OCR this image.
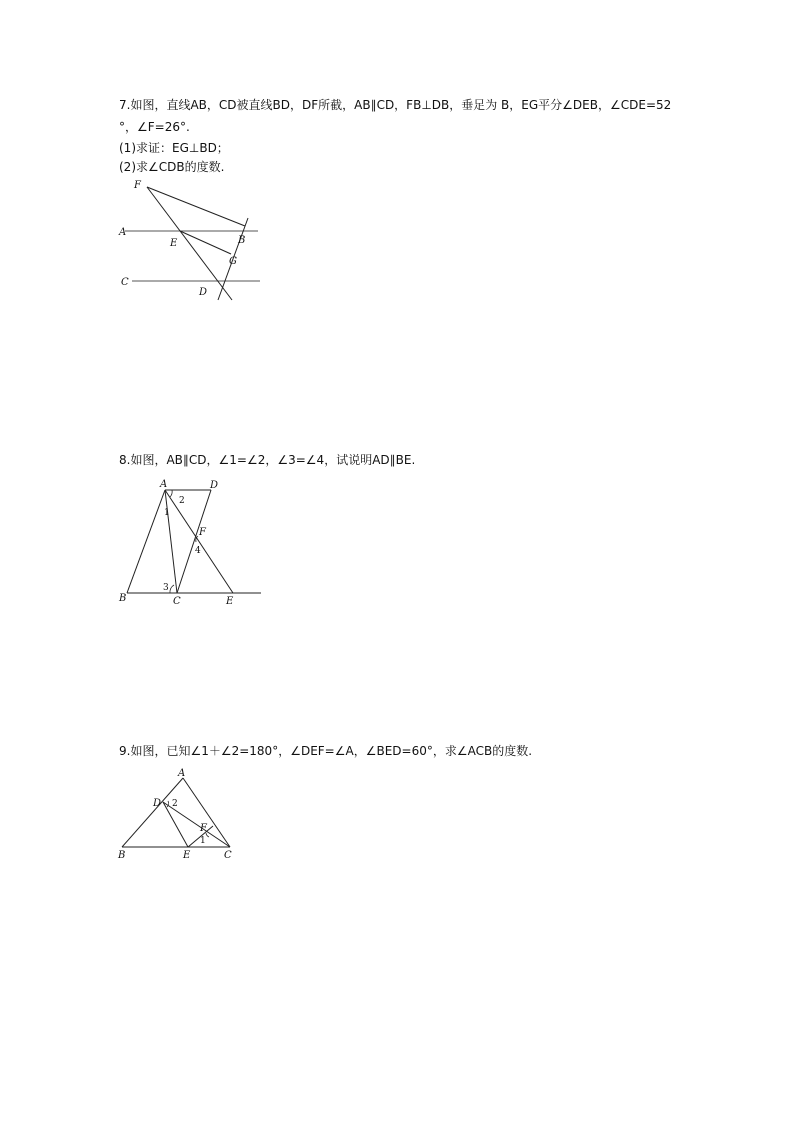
7.如图，直线AB，CD被直线BD，DF所截，AB∥CD，FB⊥DB，垂足为 B，EG平分∠DEB，∠CDE=52
°，∠F=26°.
(1)求证：EG⊥BD；
(2)求∠CDB的度数.
F
A
E	B
G
C
D
8.如图，AB∥CD，∠1=∠2，∠3=∠4，试说明AD∥BE.
A	D
2
1
F
4
3
B	C	E
9.如图，已知∠1＋∠2=180°，∠DEF=∠A，∠BED=60°，求∠ACB的度数.
A
D 2
F
1
B	E	C
